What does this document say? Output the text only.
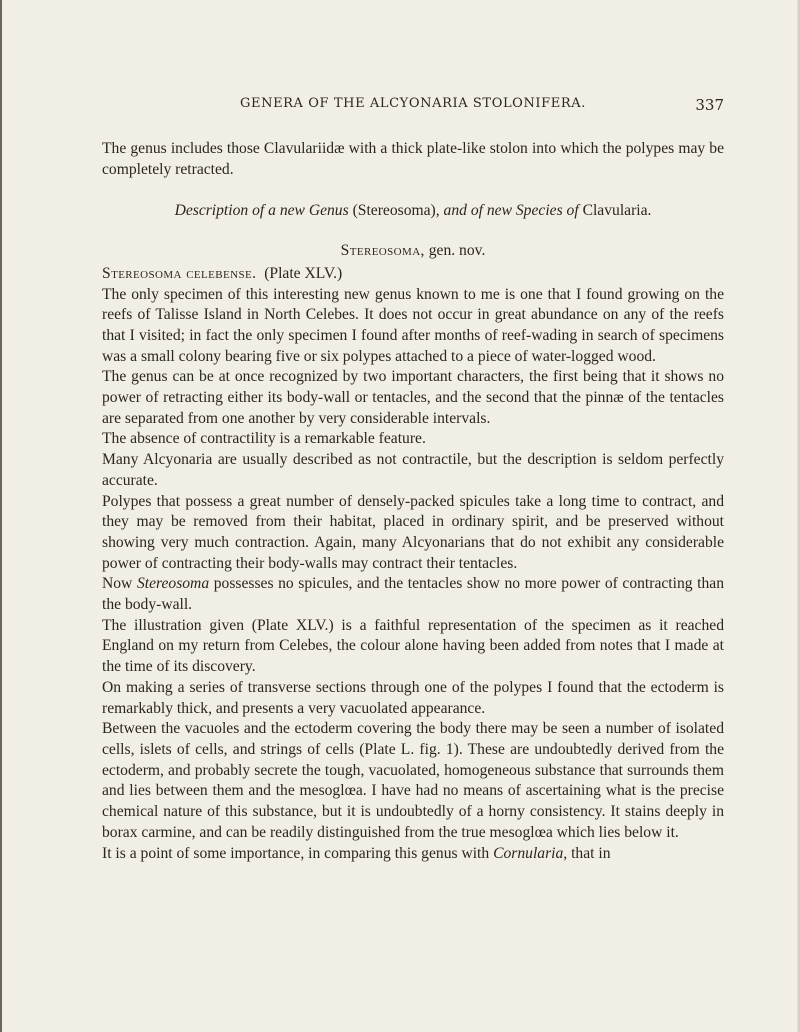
GENERA OF THE ALCYONARIA STOLONIFERA.	337

The genus includes those Clavulariidæ with a thick plate-like stolon into which the polypes may be completely retracted.

Description of a new Genus (Stereosoma), and of new Species of Clavularia.

Stereosoma, gen. nov.

Stereosoma celebense. (Plate XLV.)

The only specimen of this interesting new genus known to me is one that I found growing on the reefs of Talisse Island in North Celebes. It does not occur in great abundance on any of the reefs that I visited; in fact the only specimen I found after months of reef-wading in search of specimens was a small colony bearing five or six polypes attached to a piece of water-logged wood.

The genus can be at once recognized by two important characters, the first being that it shows no power of retracting either its body-wall or tentacles, and the second that the pinnæ of the tentacles are separated from one another by very considerable intervals.

The absence of contractility is a remarkable feature.

Many Alcyonaria are usually described as not contractile, but the description is seldom perfectly accurate.

Polypes that possess a great number of densely-packed spicules take a long time to contract, and they may be removed from their habitat, placed in ordinary spirit, and be preserved without showing very much contraction. Again, many Alcyonarians that do not exhibit any considerable power of contracting their body-walls may contract their tentacles.

Now Stereosoma possesses no spicules, and the tentacles show no more power of contracting than the body-wall.

The illustration given (Plate XLV.) is a faithful representation of the specimen as it reached England on my return from Celebes, the colour alone having been added from notes that I made at the time of its discovery.

On making a series of transverse sections through one of the polypes I found that the ectoderm is remarkably thick, and presents a very vacuolated appearance.

Between the vacuoles and the ectoderm covering the body there may be seen a number of isolated cells, islets of cells, and strings of cells (Plate L. fig. 1). These are undoubtedly derived from the ectoderm, and probably secrete the tough, vacuolated, homogeneous substance that surrounds them and lies between them and the mesoglœa. I have had no means of ascertaining what is the precise chemical nature of this substance, but it is undoubtedly of a horny consistency. It stains deeply in borax carmine, and can be readily distinguished from the true mesoglœa which lies below it.

It is a point of some importance, in comparing this genus with Cornularia, that in
